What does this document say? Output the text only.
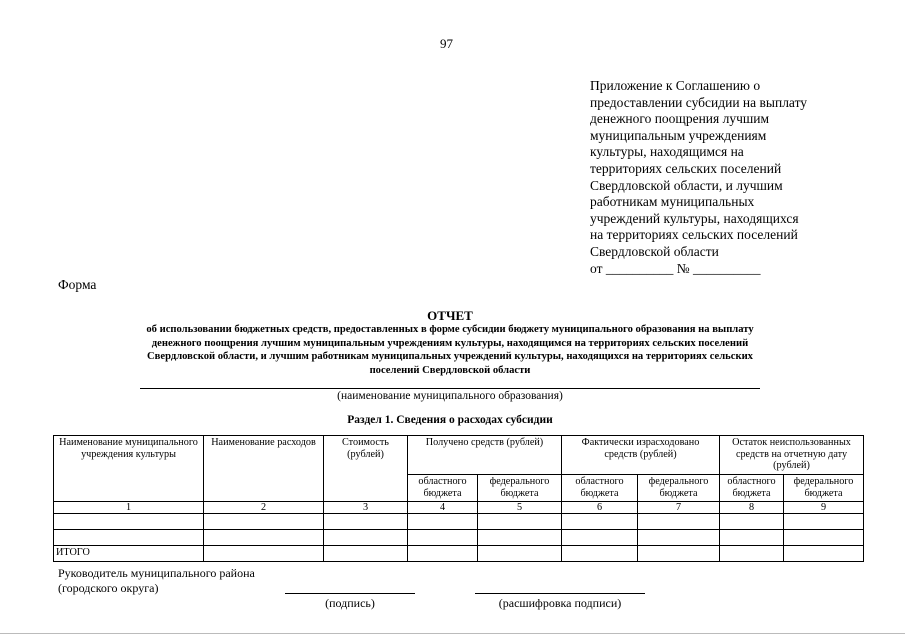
97
Приложение к Соглашению о
предоставлении субсидии на выплату
денежного поощрения лучшим
муниципальным учреждениям
культуры, находящимся на
территориях сельских поселений
Свердловской области, и лучшим
работникам муниципальных
учреждений культуры, находящихся
на территориях сельских поселений
Свердловской области
от __________ № __________
Форма
ОТЧЕТ
об использовании бюджетных средств, предоставленных в форме субсидии бюджету муниципального образования на выплату
денежного поощрения лучшим муниципальным учреждениям культуры, находящимся на территориях сельских поселений
Свердловской области, и лучшим работникам муниципальных учреждений культуры, находящихся на территориях сельских
поселений Свердловской области
(наименование муниципального образования)
Раздел 1. Сведения о расходах субсидии
Наименование муниципального учреждения культуры	Наименование расходов	Стоимость (рублей)	Получено средств (рублей)		Фактически израсходовано средств (рублей)		Остаток неиспользованных средств на отчетную дату (рублей)	
			областного бюджета	федерального бюджета	областного бюджета	федерального бюджета	областного бюджета	федерального бюджета
1	2	3	4	5	6	7	8	9

ИТОГО								
Руководитель муниципального района
(городского округа)
(подпись)	(расшифровка подписи)
